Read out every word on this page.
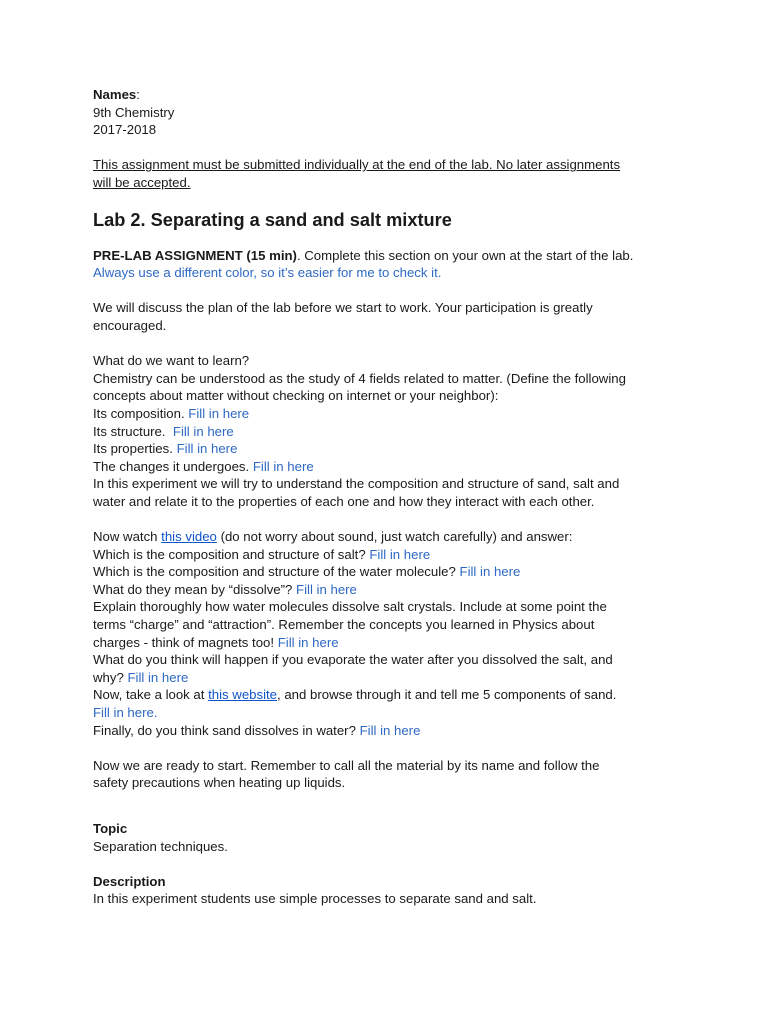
Names:
9th Chemistry
2017-2018
This assignment must be submitted individually at the end of the lab. No later assignments
will be accepted.
Lab 2. Separating a sand and salt mixture
PRE-LAB ASSIGNMENT (15 min). Complete this section on your own at the start of the lab.
Always use a different color, so it’s easier for me to check it.
We will discuss the plan of the lab before we start to work. Your participation is greatly
encouraged.
What do we want to learn?
Chemistry can be understood as the study of 4 fields related to matter. (Define the following
concepts about matter without checking on internet or your neighbor):
Its composition. Fill in here
Its structure. Fill in here
Its properties. Fill in here
The changes it undergoes. Fill in here
In this experiment we will try to understand the composition and structure of sand, salt and
water and relate it to the properties of each one and how they interact with each other.
Now watch this video (do not worry about sound, just watch carefully) and answer:
Which is the composition and structure of salt? Fill in here
Which is the composition and structure of the water molecule? Fill in here
What do they mean by “dissolve”? Fill in here
Explain thoroughly how water molecules dissolve salt crystals. Include at some point the
terms “charge” and “attraction”. Remember the concepts you learned in Physics about
charges - think of magnets too! Fill in here
What do you think will happen if you evaporate the water after you dissolved the salt, and
why? Fill in here
Now, take a look at this website, and browse through it and tell me 5 components of sand.
Fill in here.
Finally, do you think sand dissolves in water? Fill in here
Now we are ready to start. Remember to call all the material by its name and follow the
safety precautions when heating up liquids.
Topic
Separation techniques.
Description
In this experiment students use simple processes to separate sand and salt.
